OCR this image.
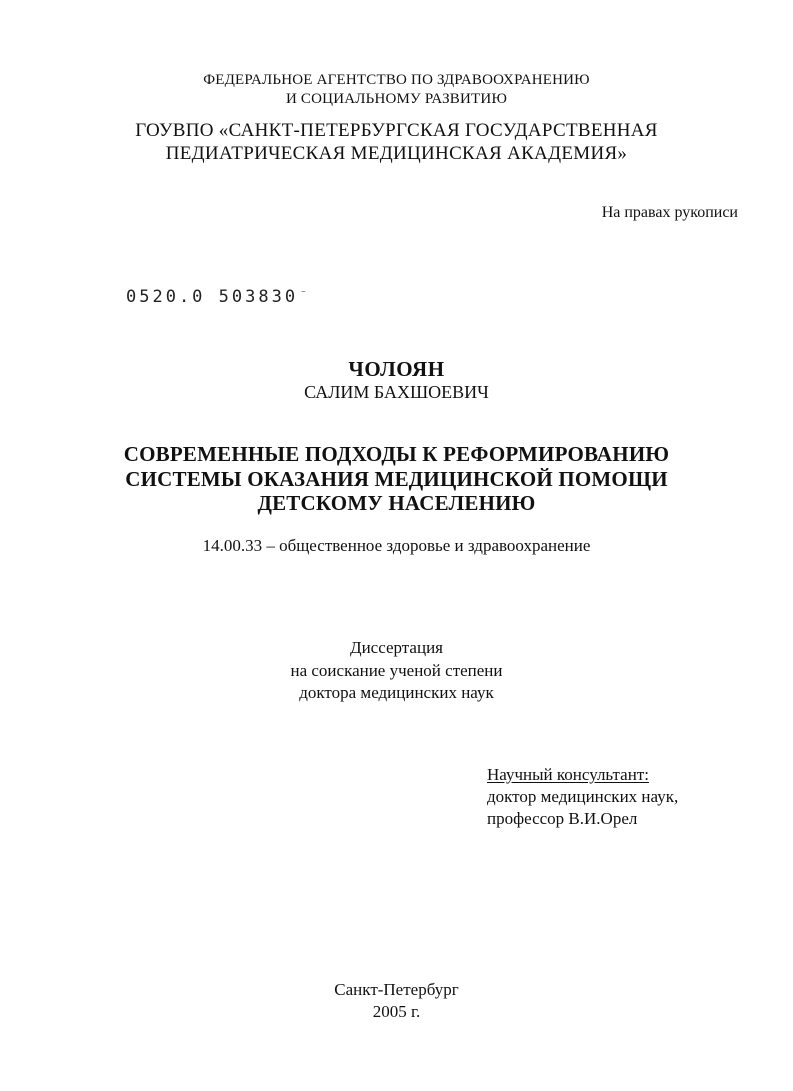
ФЕДЕРАЛЬНОЕ АГЕНТСТВО ПО ЗДРАВООХРАНЕНИЮ
И СОЦИАЛЬНОМУ РАЗВИТИЮ
ГОУВПО «САНКТ-ПЕТЕРБУРГСКАЯ ГОСУДАРСТВЕННАЯ
ПЕДИАТРИЧЕСКАЯ МЕДИЦИНСКАЯ АКАДЕМИЯ»
На правах рукописи
0520.0 503830 ⁻
ЧОЛОЯН
САЛИМ БАХШОЕВИЧ
СОВРЕМЕННЫЕ ПОДХОДЫ К РЕФОРМИРОВАНИЮ
СИСТЕМЫ ОКАЗАНИЯ МЕДИЦИНСКОЙ ПОМОЩИ
ДЕТСКОМУ НАСЕЛЕНИЮ
14.00.33 – общественное здоровье и здравоохранение
Диссертация
на соискание ученой степени
доктора медицинских наук
Научный консультант:
доктор медицинских наук,
профессор В.И.Орел
Санкт-Петербург
2005 г.
